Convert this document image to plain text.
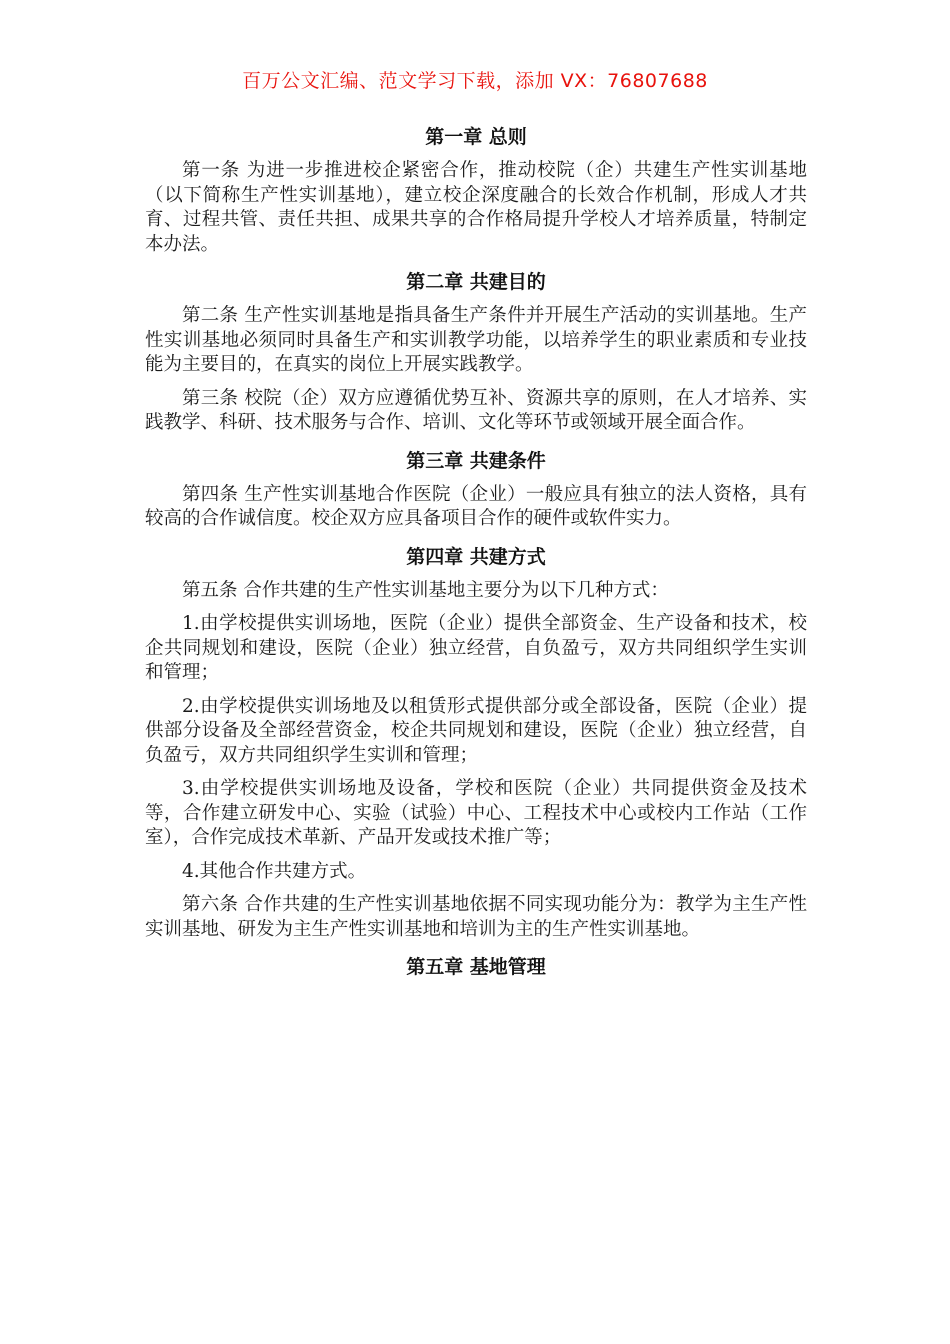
百万公文汇编、范文学习下载，添加 VX：76807688

第一章 总则

第一条 为进一步推进校企紧密合作，推动校院（企）共建生产性实训基地（以下简称生产性实训基地），建立校企深度融合的长效合作机制，形成人才共育、过程共管、责任共担、成果共享的合作格局提升学校人才培养质量，特制定本办法。

第二章 共建目的

第二条 生产性实训基地是指具备生产条件并开展生产活动的实训基地。生产性实训基地必须同时具备生产和实训教学功能，以培养学生的职业素质和专业技能为主要目的，在真实的岗位上开展实践教学。

第三条 校院（企）双方应遵循优势互补、资源共享的原则，在人才培养、实践教学、科研、技术服务与合作、培训、文化等环节或领域开展全面合作。

第三章 共建条件

第四条 生产性实训基地合作医院（企业）一般应具有独立的法人资格，具有较高的合作诚信度。校企双方应具备项目合作的硬件或软件实力。

第四章 共建方式

第五条 合作共建的生产性实训基地主要分为以下几种方式：

1.由学校提供实训场地，医院（企业）提供全部资金、生产设备和技术，校企共同规划和建设，医院（企业）独立经营，自负盈亏，双方共同组织学生实训和管理；

2.由学校提供实训场地及以租赁形式提供部分或全部设备，医院（企业）提供部分设备及全部经营资金，校企共同规划和建设，医院（企业）独立经营，自负盈亏，双方共同组织学生实训和管理；

3.由学校提供实训场地及设备，学校和医院（企业）共同提供资金及技术等，合作建立研发中心、实验（试验）中心、工程技术中心或校内工作站（工作室），合作完成技术革新、产品开发或技术推广等；

4.其他合作共建方式。

第六条 合作共建的生产性实训基地依据不同实现功能分为：教学为主生产性实训基地、研发为主生产性实训基地和培训为主的生产性实训基地。

第五章 基地管理
